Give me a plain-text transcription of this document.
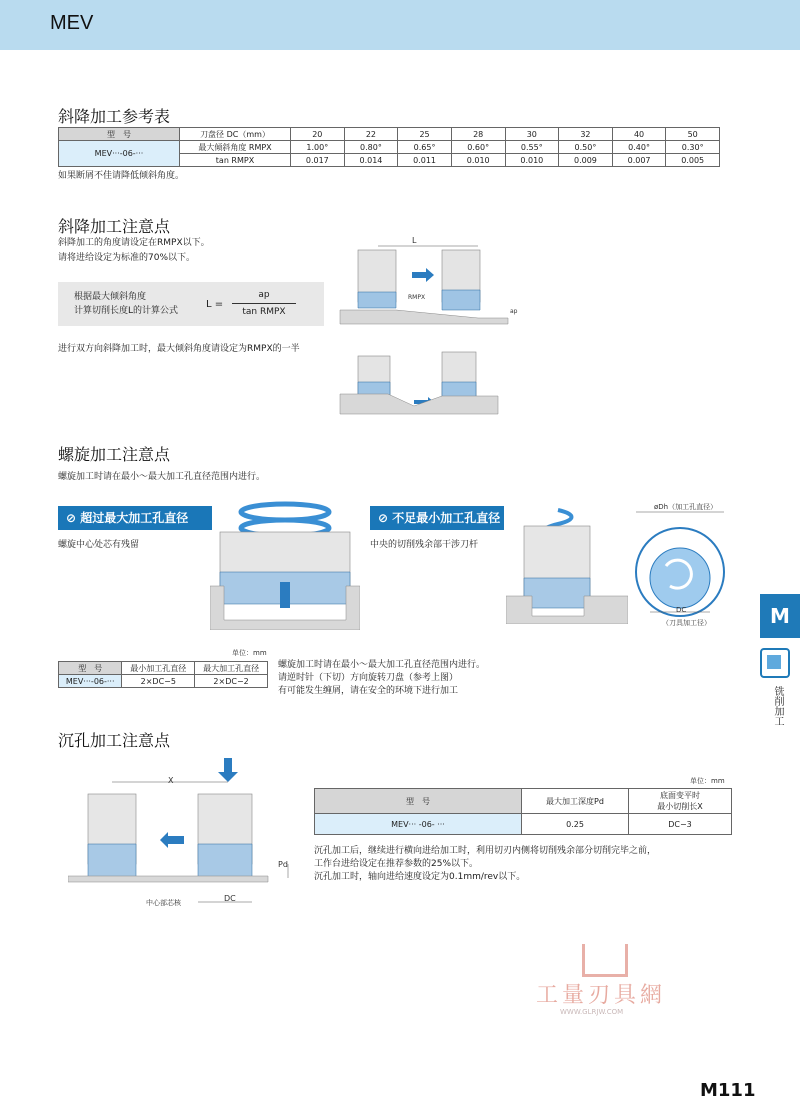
MEV
斜降加工参考表
型　号	刀盘径 DC（mm）	20	22	25	28	30	32	40	50
MEV···-06-···	最大倾斜角度 RMPX	1.00°	0.80°	0.65°	0.60°	0.55°	0.50°	0.40°	0.30°
	tan RMPX	0.017	0.014	0.011	0.010	0.010	0.009	0.007	0.005
如果断屑不佳请降低倾斜角度。
斜降加工注意点
斜降加工的角度请设定在RMPX以下。
请将进给设定为标准的70%以下。
根据最大倾斜角度
计算切削长度L的计算公式
L =
ap
tan RMPX
进行双方向斜降加工时，最大倾斜角度请设定为RMPX的一半
L
RMPX
ap
螺旋加工注意点
螺旋加工时请在最小～最大加工孔直径范围内进行。
⊘ 超过最大加工孔直径
螺旋中心处芯有残留
⊘ 不足最小加工孔直径
中央的切削残余部干涉刀杆
øDh（加工孔直径）
加工方向
DC
（刀具加工径）
单位：mm
型　号	最小加工孔直径	最大加工孔直径
MEV···-06-···	2×DC−5	2×DC−2
螺旋加工时请在最小～最大加工孔直径范围内进行。
请逆时针（下切）方向旋转刀盘（参考上图）
有可能发生缠屑，请在安全的环境下进行加工
沉孔加工注意点
X
Pd
DC
中心部芯核
单位：mm
型　号	最大加工深度Pd	底面变平时
最小切削长X

MEV··· -06- ···	0.25	DC−3
沉孔加工后，继续进行横向进给加工时，利用切刃内侧将切削残余部分切削完毕之前，
工作台进给设定在推荐参数的25%以下。
沉孔加工时，轴向进给速度设定为0.1mm/rev以下。
M
铣削加工
工量刃具網
WWW.GLRJW.COM
M111
